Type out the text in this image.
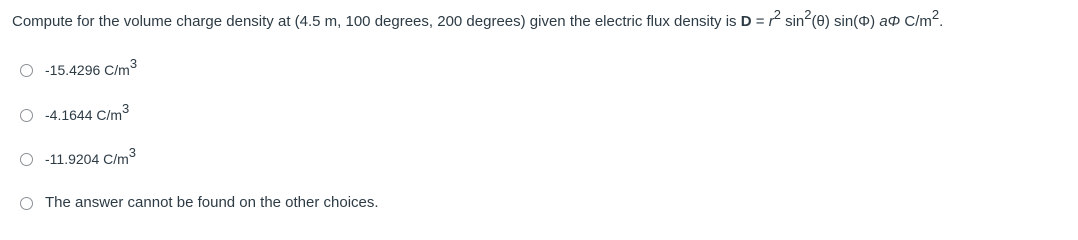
Compute for the volume charge density at (4.5 m, 100 degrees, 200 degrees) given the electric flux density is $D = r^2$ $\sin^2(\theta)$ sin(Φ) aΦ $C/m^2$.
-15.4296 $C/m^3$
-4.1644 $C/m^3$
-11.9204 $C/m^3$
The answer cannot be found on the other choices.
